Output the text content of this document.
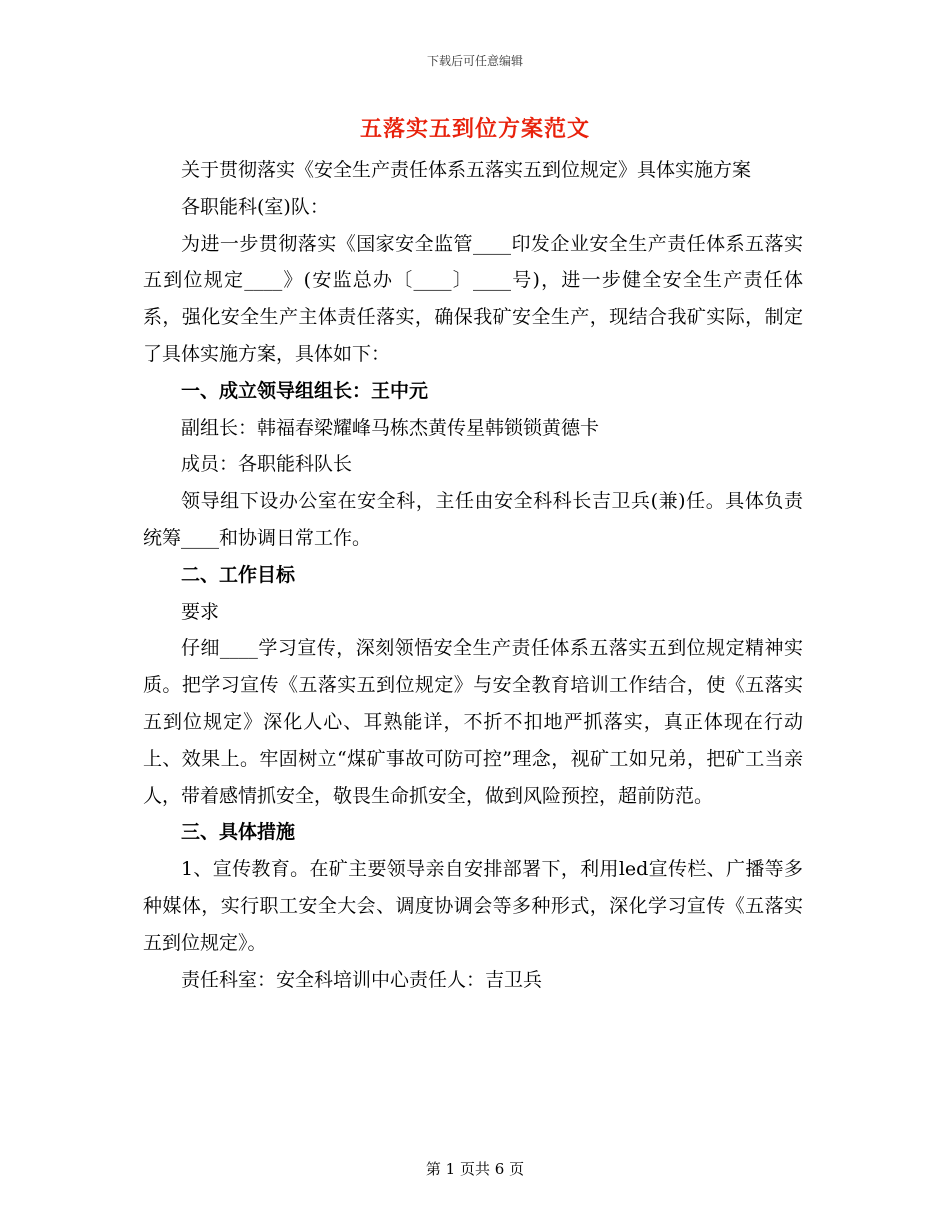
下载后可任意编辑
五落实五到位方案范文

关于贯彻落实《安全生产责任体系五落实五到位规定》具体实施方案

各职能科(室)队：

为进一步贯彻落实《国家安全监管____印发企业安全生产责任体系五落实五到位规定____》(安监总办〔____〕____号)，进一步健全安全生产责任体系，强化安全生产主体责任落实，确保我矿安全生产，现结合我矿实际，制定了具体实施方案，具体如下：

一、成立领导组组长：王中元

副组长：韩福春梁耀峰马栋杰黄传星韩锁锁黄德卡

成员：各职能科队长

领导组下设办公室在安全科，主任由安全科科长吉卫兵(兼)任。具体负责统筹____和协调日常工作。

二、工作目标

要求

仔细____学习宣传，深刻领悟安全生产责任体系五落实五到位规定精神实质。把学习宣传《五落实五到位规定》与安全教育培训工作结合，使《五落实五到位规定》深化人心、耳熟能详，不折不扣地严抓落实，真正体现在行动上、效果上。牢固树立“煤矿事故可防可控”理念，视矿工如兄弟，把矿工当亲人，带着感情抓安全，敬畏生命抓安全，做到风险预控，超前防范。

三、具体措施

1、宣传教育。在矿主要领导亲自安排部署下，利用led宣传栏、广播等多种媒体，实行职工安全大会、调度协调会等多种形式，深化学习宣传《五落实五到位规定》。

责任科室：安全科培训中心责任人：吉卫兵

第 1 页共 6 页
